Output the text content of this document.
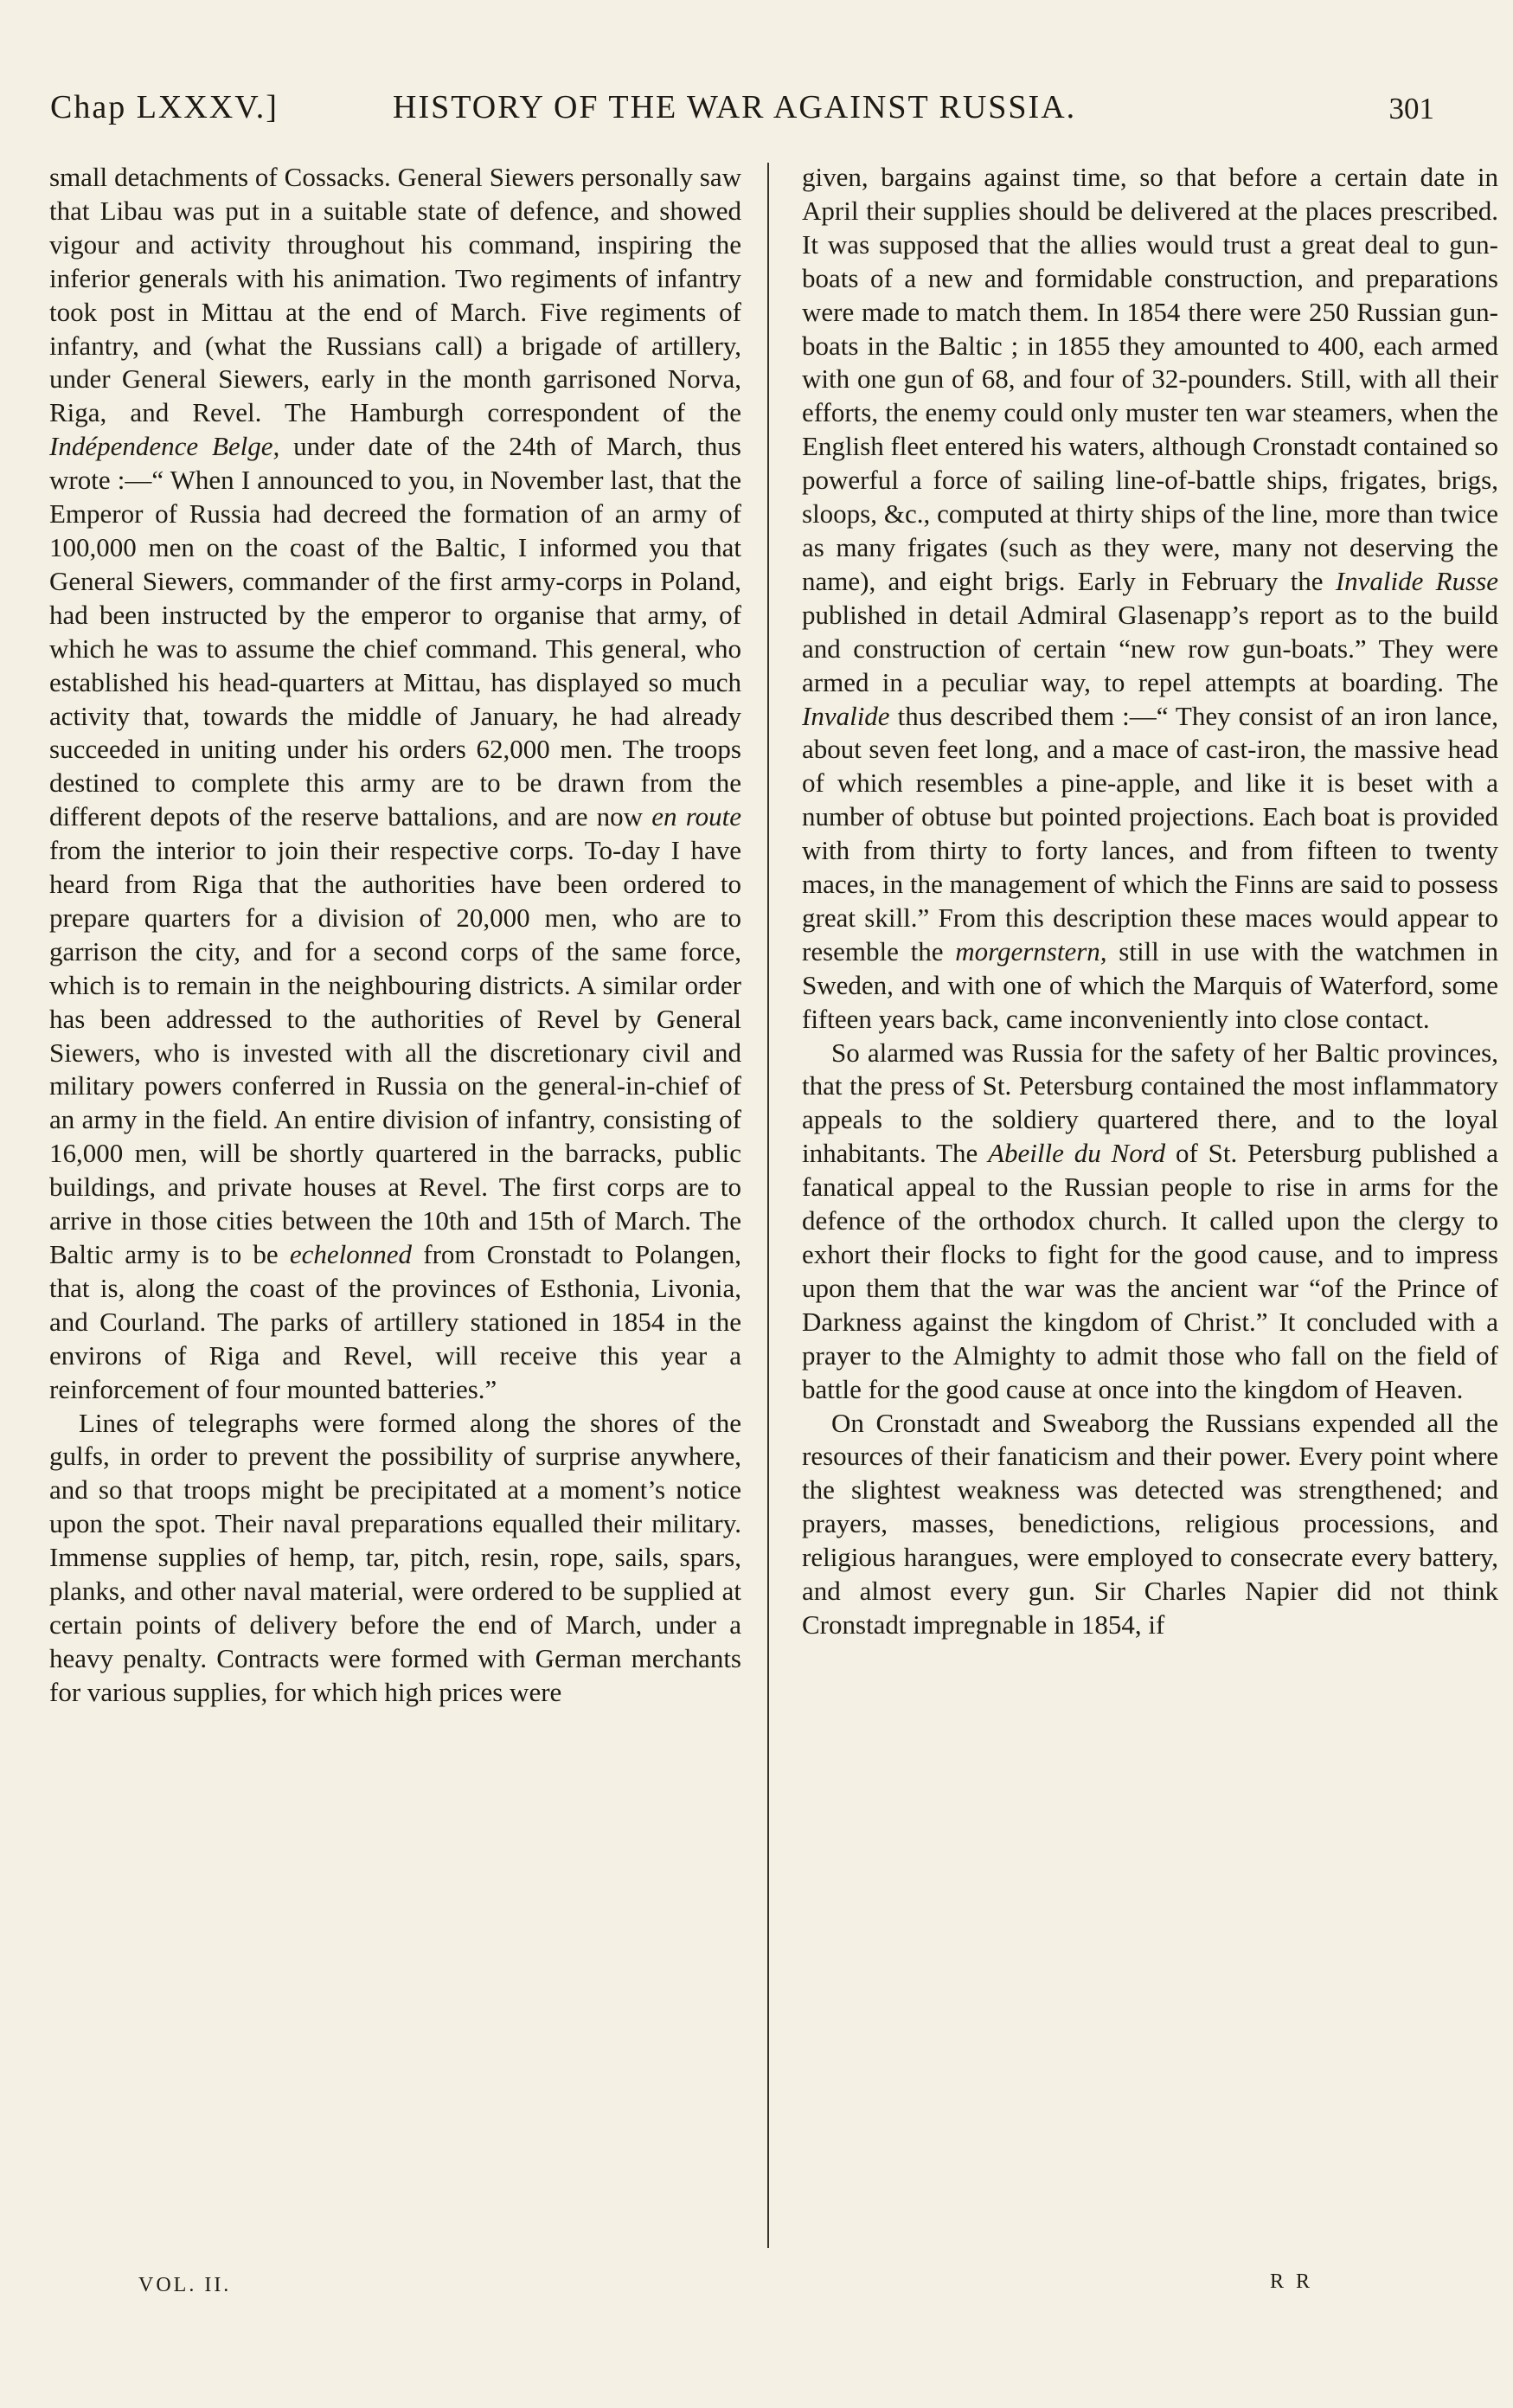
Chap LXXXV.]	HISTORY OF THE WAR AGAINST RUSSIA.	301

small detachments of Cossacks. General Siewers personally saw that Libau was put in a suitable state of defence, and showed vigour and activity throughout his command, inspiring the inferior generals with his animation. Two regiments of infantry took post in Mittau at the end of March. Five regiments of infantry, and (what the Russians call) a brigade of artillery, under General Siewers, early in the month garrisoned Norva, Riga, and Revel. The Hamburgh correspondent of the Indépendence Belge, under date of the 24th of March, thus wrote :—“ When I announced to you, in November last, that the Emperor of Russia had decreed the formation of an army of 100,000 men on the coast of the Baltic, I informed you that General Siewers, commander of the first army-corps in Poland, had been instructed by the emperor to organise that army, of which he was to assume the chief command. This general, who established his head-quarters at Mittau, has displayed so much activity that, towards the middle of January, he had already succeeded in uniting under his orders 62,000 men. The troops destined to complete this army are to be drawn from the different depots of the reserve battalions, and are now en route from the interior to join their respective corps. To-day I have heard from Riga that the authorities have been ordered to prepare quarters for a division of 20,000 men, who are to garrison the city, and for a second corps of the same force, which is to remain in the neighbouring districts. A similar order has been addressed to the authorities of Revel by General Siewers, who is invested with all the discretionary civil and military powers conferred in Russia on the general-in-chief of an army in the field. An entire division of infantry, consisting of 16,000 men, will be shortly quartered in the barracks, public buildings, and private houses at Revel. The first corps are to arrive in those cities between the 10th and 15th of March. The Baltic army is to be echelonned from Cronstadt to Polangen, that is, along the coast of the provinces of Esthonia, Livonia, and Courland. The parks of artillery stationed in 1854 in the environs of Riga and Revel, will receive this year a reinforcement of four mounted batteries.”

Lines of telegraphs were formed along the shores of the gulfs, in order to prevent the possibility of surprise anywhere, and so that troops might be precipitated at a moment’s notice upon the spot. Their naval preparations equalled their military. Immense supplies of hemp, tar, pitch, resin, rope, sails, spars, planks, and other naval material, were ordered to be supplied at certain points of delivery before the end of March, under a heavy penalty. Contracts were formed with German merchants for various supplies, for which high prices were

given, bargains against time, so that before a certain date in April their supplies should be delivered at the places prescribed. It was supposed that the allies would trust a great deal to gun-boats of a new and formidable construction, and preparations were made to match them. In 1854 there were 250 Russian gun-boats in the Baltic ; in 1855 they amounted to 400, each armed with one gun of 68, and four of 32-pounders. Still, with all their efforts, the enemy could only muster ten war steamers, when the English fleet entered his waters, although Cronstadt contained so powerful a force of sailing line-of-battle ships, frigates, brigs, sloops, &c., computed at thirty ships of the line, more than twice as many frigates (such as they were, many not deserving the name), and eight brigs. Early in February the Invalide Russe published in detail Admiral Glasenapp’s report as to the build and construction of certain “new row gun-boats.” They were armed in a peculiar way, to repel attempts at boarding. The Invalide thus described them :—“ They consist of an iron lance, about seven feet long, and a mace of cast-iron, the massive head of which resembles a pine-apple, and like it is beset with a number of obtuse but pointed projections. Each boat is provided with from thirty to forty lances, and from fifteen to twenty maces, in the management of which the Finns are said to possess great skill.” From this description these maces would appear to resemble the morgernstern, still in use with the watchmen in Sweden, and with one of which the Marquis of Waterford, some fifteen years back, came inconveniently into close contact.

So alarmed was Russia for the safety of her Baltic provinces, that the press of St. Petersburg contained the most inflammatory appeals to the soldiery quartered there, and to the loyal inhabitants. The Abeille du Nord of St. Petersburg published a fanatical appeal to the Russian people to rise in arms for the defence of the orthodox church. It called upon the clergy to exhort their flocks to fight for the good cause, and to impress upon them that the war was the ancient war “of the Prince of Darkness against the kingdom of Christ.” It concluded with a prayer to the Almighty to admit those who fall on the field of battle for the good cause at once into the kingdom of Heaven.

On Cronstadt and Sweaborg the Russians expended all the resources of their fanaticism and their power. Every point where the slightest weakness was detected was strengthened; and prayers, masses, benedictions, religious processions, and religious harangues, were employed to consecrate every battery, and almost every gun. Sir Charles Napier did not think Cronstadt impregnable in 1854, if

VOL. II.	R R
